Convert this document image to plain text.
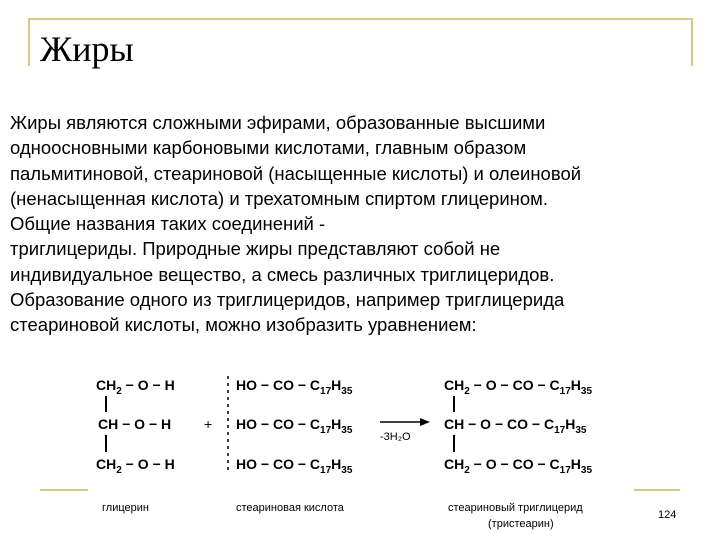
Жиры
Жиры являются сложными эфирами, образованные высшими
одноосновными карбоновыми кислотами, главным образом
пальмитиновой, стеариновой (насыщенные кислоты) и олеиновой
(ненасыщенная кислота) и трехатомным спиртом глицерином.
Общие названия таких соединений -
триглицериды. Природные жиры представляют собой не
индивидуальное вещество, а смесь различных триглицеридов.
Образование одного из триглицеридов, например триглицерида
стеариновой кислоты, можно изобразить уравнением:
$CH_2 - O - H$
CH − O − H
$CH_2 - O - H$
+
HO − CO − $C_{17}H_{35}$
HO − CO − $C_{17}H_{35}$
HO − CO − $C_{17}H_{35}$
-3H₂O
$CH_2 - O$ − CO − $C_{17}H_{35}$
CH − O − CO − $C_{17}H_{35}$
$CH_2 - O$ − CO − $C_{17}H_{35}$
глицерин	стеариновая кислота	стеариновый триглицерид
(тристеарин)
124
